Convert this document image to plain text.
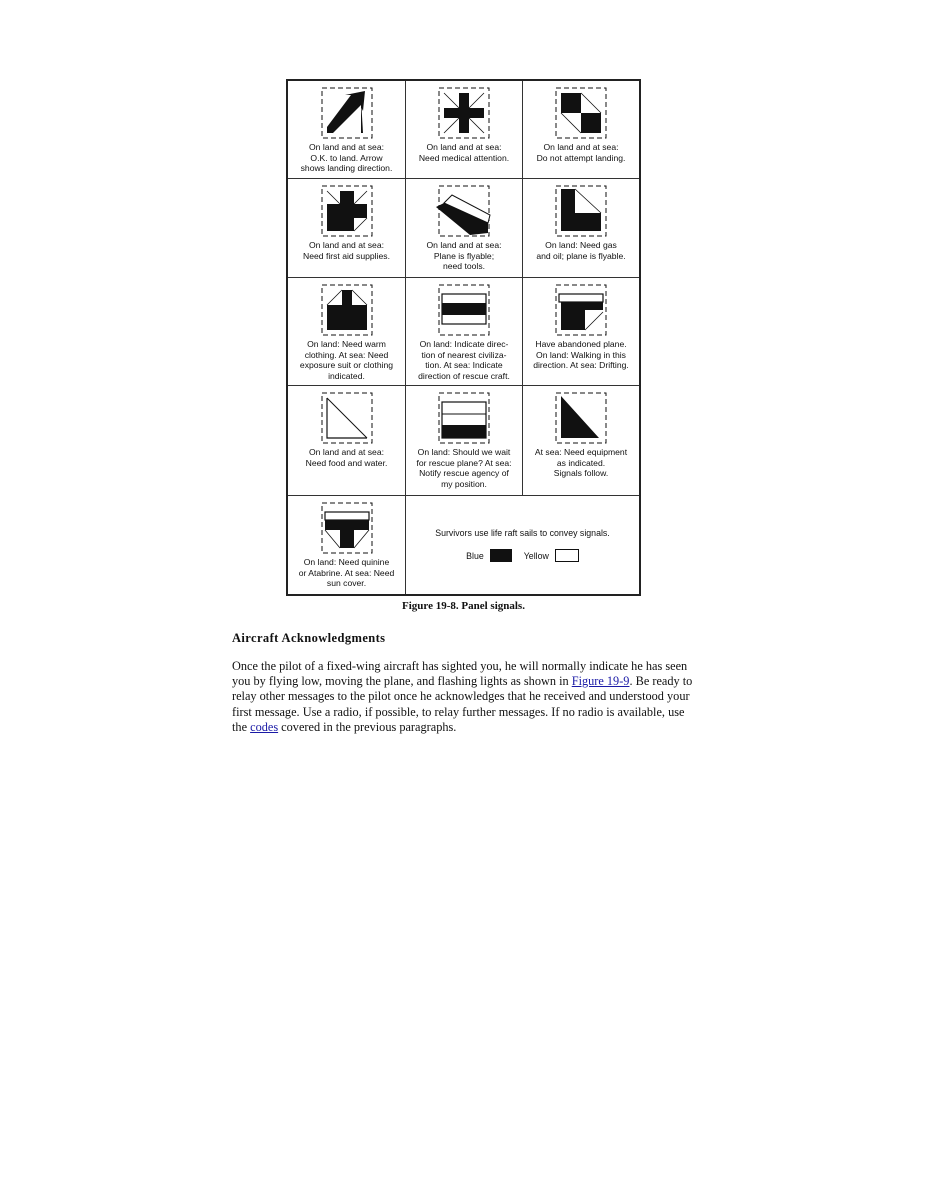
On land and at sea:
O.K. to land. Arrow
shows landing direction.
On land and at sea:
Need medical attention.
On land and at sea:
Do not attempt landing.
On land and at sea:
Need first aid supplies.
On land and at sea:
Plane is flyable;
need tools.
On land: Need gas
and oil; plane is flyable.
On land: Need warm
clothing. At sea: Need
exposure suit or clothing
indicated.
On land: Indicate direc-
tion of nearest civiliza-
tion. At sea: Indicate
direction of rescue craft.
Have abandoned plane.
On land: Walking in this
direction. At sea: Drifting.
On land and at sea:
Need food and water.
On land: Should we wait
for rescue plane? At sea:
Notify rescue agency of
my position.
At sea: Need equipment
as indicated.
Signals follow.
On land: Need quinine
or Atabrine. At sea: Need
sun cover.
Survivors use life raft sails to convey signals.
Blue	Yellow
Figure 19-8. Panel signals.
Aircraft Acknowledgments
Once the pilot of a fixed-wing aircraft has sighted you, he will normally indicate he has seen you by flying low, moving the plane, and flashing lights as shown in Figure 19-9. Be ready to relay other messages to the pilot once he acknowledges that he received and understood your first message. Use a radio, if possible, to relay further messages. If no radio is available, use the codes covered in the previous paragraphs.
